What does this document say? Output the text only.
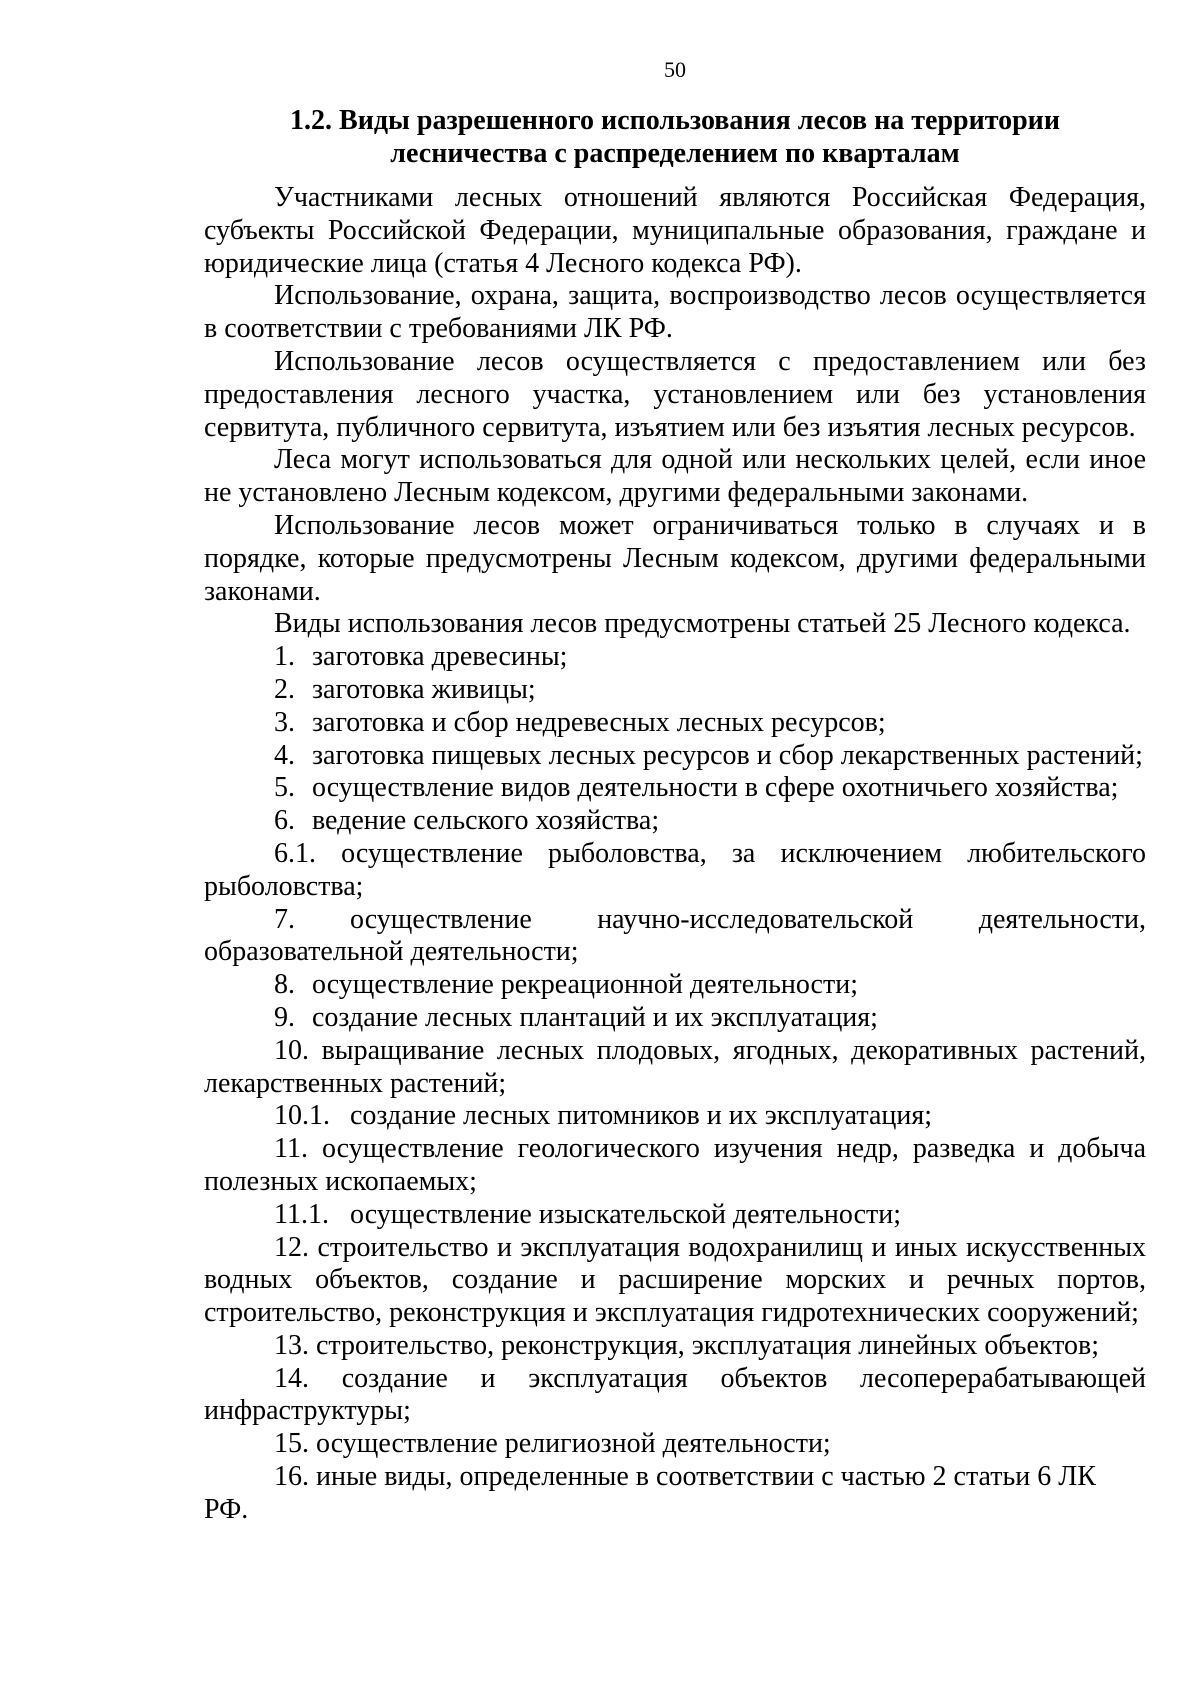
50
1.2. Виды разрешенного использования лесов на территории
лесничества с распределением по кварталам

Участниками лесных отношений являются Российская Федерация, субъекты Российской Федерации, муниципальные образования, граждане и юридические лица (статья 4 Лесного кодекса РФ).

Использование, охрана, защита, воспроизводство лесов осуществляется в соответствии с требованиями ЛК РФ.

Использование лесов осуществляется с предоставлением или без предоставления лесного участка, установлением или без установления сервитута, публичного сервитута, изъятием или без изъятия лесных ресурсов.

Леса могут использоваться для одной или нескольких целей, если иное не установлено Лесным кодексом, другими федеральными законами.

Использование лесов может ограничиваться только в случаях и в порядке, которые предусмотрены Лесным кодексом, другими федеральными законами.

Виды использования лесов предусмотрены статьей 25 Лесного кодекса.

1. заготовка древесины;

2. заготовка живицы;

3. заготовка и сбор недревесных лесных ресурсов;

4. заготовка пищевых лесных ресурсов и сбор лекарственных растений;

5. осуществление видов деятельности в сфере охотничьего хозяйства;

6. ведение сельского хозяйства;

6.1. осуществление рыболовства, за исключением любительского рыболовства;

7. осуществление научно-исследовательской деятельности, образовательной деятельности;

8. осуществление рекреационной деятельности;

9. создание лесных плантаций и их эксплуатация;

10. выращивание лесных плодовых, ягодных, декоративных растений, лекарственных растений;

10.1. создание лесных питомников и их эксплуатация;

11. осуществление геологического изучения недр, разведка и добыча полезных ископаемых;

11.1. осуществление изыскательской деятельности;

12. строительство и эксплуатация водохранилищ и иных искусственных водных объектов, создание и расширение морских и речных портов, строительство, реконструкция и эксплуатация гидротехнических сооружений;

13. строительство, реконструкция, эксплуатация линейных объектов;

14. создание и эксплуатация объектов лесоперерабатывающей инфраструктуры;

15. осуществление религиозной деятельности;

16. иные виды, определенные в соответствии с частью 2 статьи 6 ЛК РФ.
